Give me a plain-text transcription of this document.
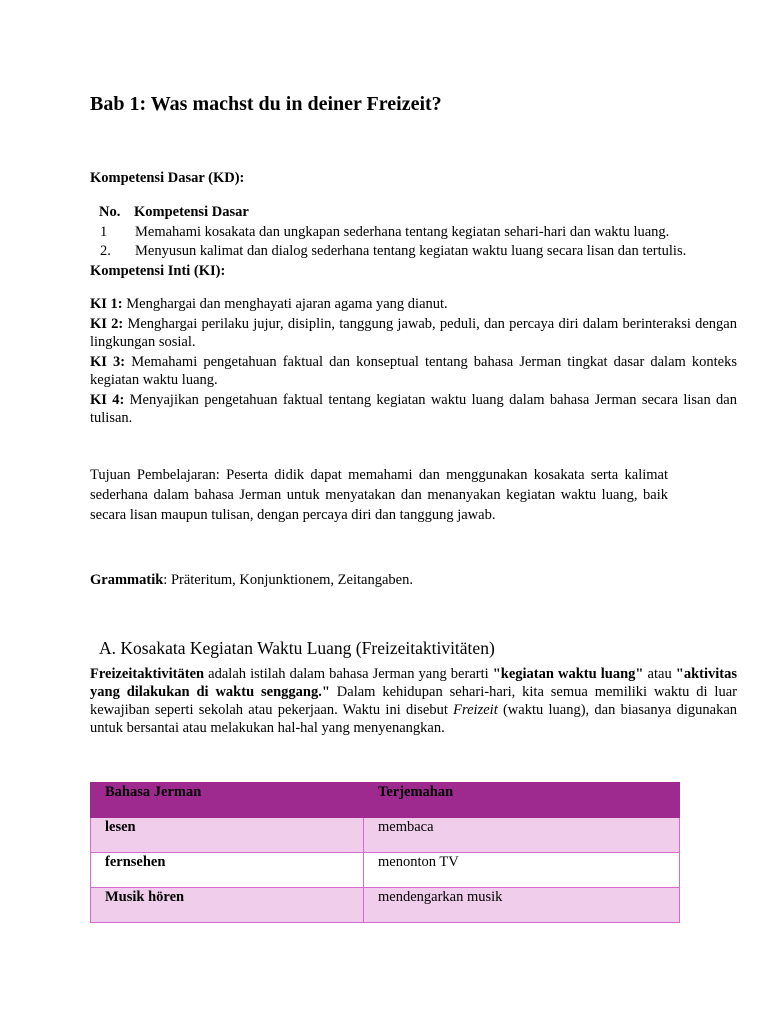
Bab 1: Was machst du in deiner Freizeit?
Kompetensi Dasar (KD):
No. Kompetensi Dasar
1	Memahami kosakata dan ungkapan sederhana tentang kegiatan sehari-hari dan waktu luang.
2.	Menyusun kalimat dan dialog sederhana tentang kegiatan waktu luang secara lisan dan tertulis.
Kompetensi Inti (KI):

KI 1: Menghargai dan menghayati ajaran agama yang dianut.

KI 2: Menghargai perilaku jujur, disiplin, tanggung jawab, peduli, dan percaya diri dalam berinteraksi dengan lingkungan sosial.

KI 3: Memahami pengetahuan faktual dan konseptual tentang bahasa Jerman tingkat dasar dalam konteks kegiatan waktu luang.

KI 4: Menyajikan pengetahuan faktual tentang kegiatan waktu luang dalam bahasa Jerman secara lisan dan tulisan.

Tujuan Pembelajaran: Peserta didik dapat memahami dan menggunakan kosakata serta kalimat sederhana dalam bahasa Jerman untuk menyatakan dan menanyakan kegiatan waktu luang, baik secara lisan maupun tulisan, dengan percaya diri dan tanggung jawab.
Grammatik: Präteritum, Konjunktionem, Zeitangaben.
A. Kosakata Kegiatan Waktu Luang (Freizeitaktivitäten)
Freizeitaktivitäten adalah istilah dalam bahasa Jerman yang berarti "kegiatan waktu luang" atau "aktivitas yang dilakukan di waktu senggang." Dalam kehidupan sehari-hari, kita semua memiliki waktu di luar kewajiban seperti sekolah atau pekerjaan. Waktu ini disebut Freizeit (waktu luang), dan biasanya digunakan untuk bersantai atau melakukan hal-hal yang menyenangkan.
Bahasa Jerman	Terjemahan
lesen	membaca
fernsehen	menonton TV
Musik hören	mendengarkan musik
